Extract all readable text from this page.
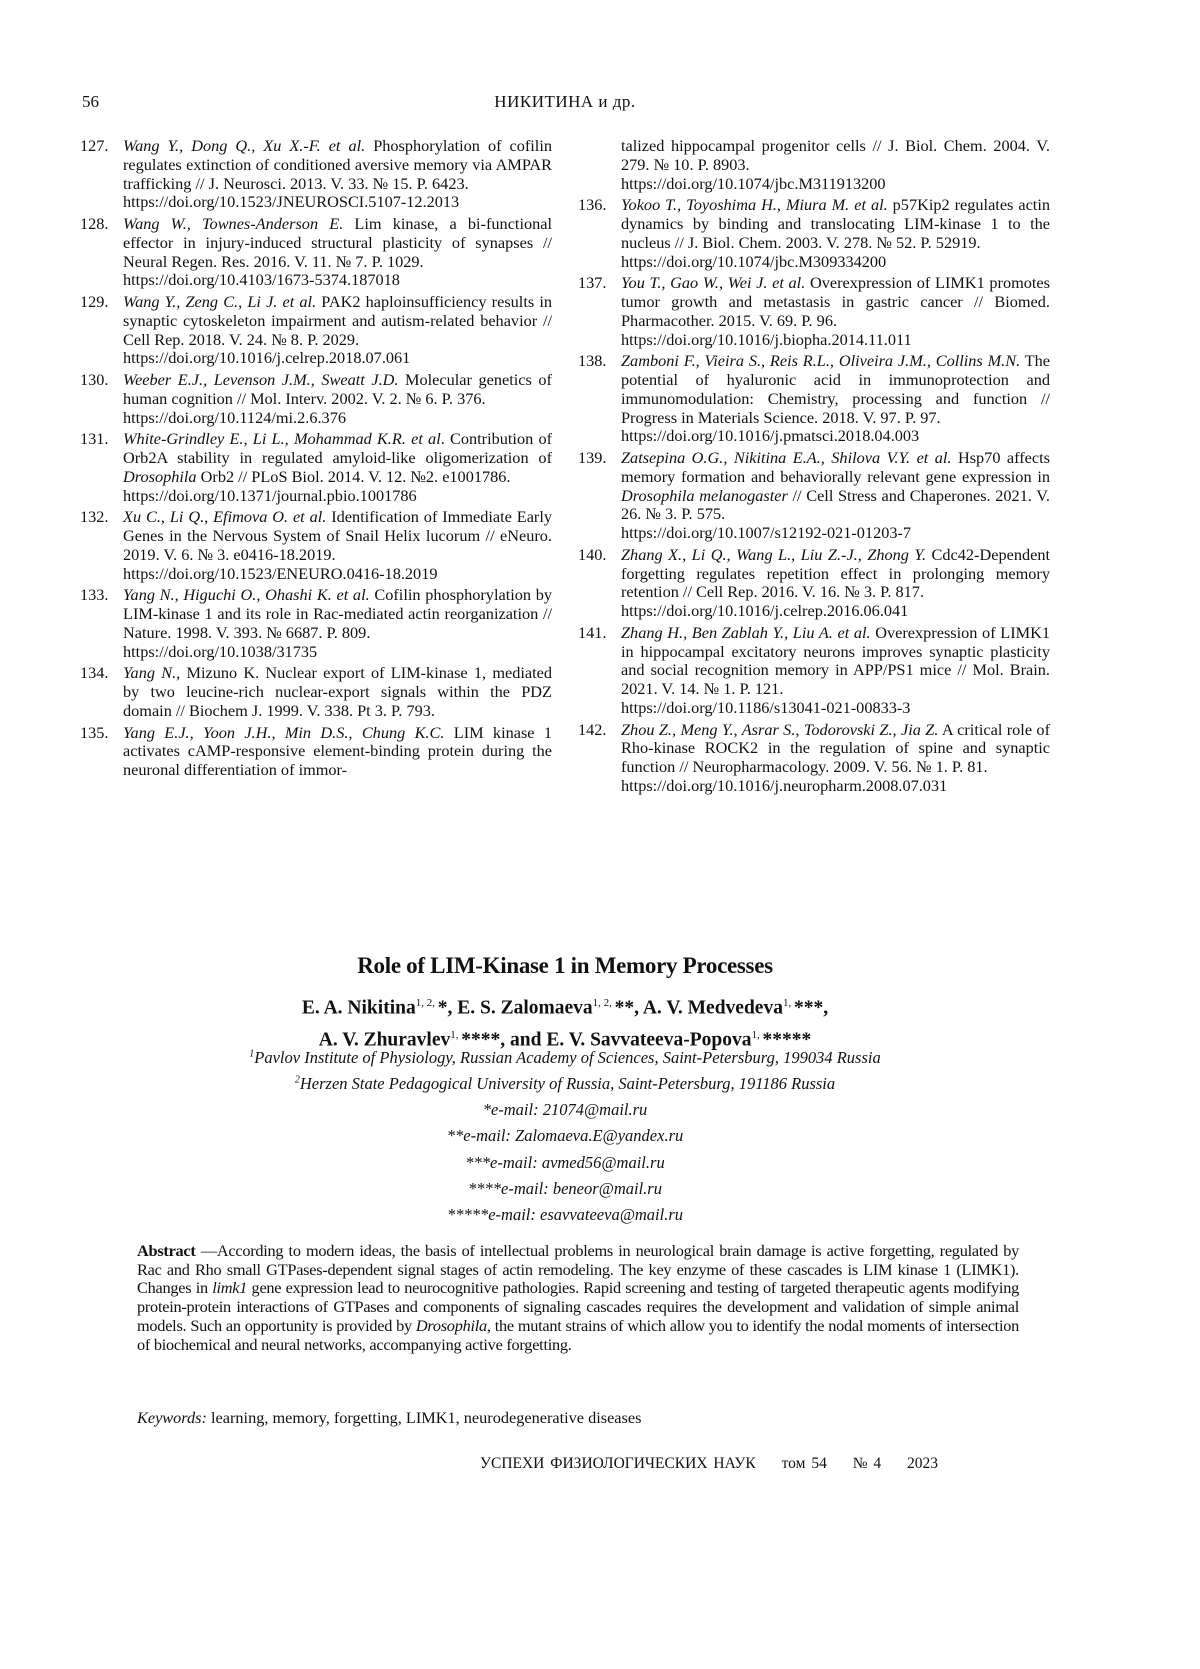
56	НИКИТИНА и др.
127. Wang Y., Dong Q., Xu X.-F. et al. Phosphorylation of cofilin regulates extinction of conditioned aversive memory via AMPAR trafficking // J. Neurosci. 2013. V. 33. № 15. P. 6423.
https://doi.org/10.1523/JNEUROSCI.5107-12.2013
128. Wang W., Townes-Anderson E. Lim kinase, a bi-functional effector in injury-induced structural plasticity of synapses // Neural Regen. Res. 2016. V. 11. № 7. P. 1029.
https://doi.org/10.4103/1673-5374.187018
129. Wang Y., Zeng C., Li J. et al. PAK2 haploinsufficiency results in synaptic cytoskeleton impairment and autism-related behavior // Cell Rep. 2018. V. 24. № 8. P. 2029.
https://doi.org/10.1016/j.celrep.2018.07.061
130. Weeber E.J., Levenson J.M., Sweatt J.D. Molecular genetics of human cognition // Mol. Interv. 2002. V. 2. № 6. P. 376.
https://doi.org/10.1124/mi.2.6.376
131. White-Grindley E., Li L., Mohammad K.R. et al. Contribution of Orb2A stability in regulated amyloid-like oligomerization of Drosophila Orb2 // PLoS Biol. 2014. V. 12. №2. e1001786.
https://doi.org/10.1371/journal.pbio.1001786
132. Xu C., Li Q., Efimova O. et al. Identification of Immediate Early Genes in the Nervous System of Snail Helix lucorum // eNeuro. 2019. V. 6. № 3. e0416-18.2019.
https://doi.org/10.1523/ENEURO.0416-18.2019
133. Yang N., Higuchi O., Ohashi K. et al. Cofilin phosphorylation by LIM-kinase 1 and its role in Rac-mediated actin reorganization // Nature. 1998. V. 393. № 6687. P. 809.
https://doi.org/10.1038/31735
134. Yang N., Mizuno K. Nuclear export of LIM-kinase 1, mediated by two leucine-rich nuclear-export signals within the PDZ domain // Biochem J. 1999. V. 338. Pt 3. P. 793.
135. Yang E.J., Yoon J.H., Min D.S., Chung K.C. LIM kinase 1 activates cAMP-responsive element-binding protein during the neuronal differentiation of immor-
talized hippocampal progenitor cells // J. Biol. Chem. 2004. V. 279. № 10. P. 8903.
https://doi.org/10.1074/jbc.M311913200
136. Yokoo T., Toyoshima H., Miura M. et al. p57Kip2 regulates actin dynamics by binding and translocating LIM-kinase 1 to the nucleus // J. Biol. Chem. 2003. V. 278. № 52. P. 52919.
https://doi.org/10.1074/jbc.M309334200
137. You T., Gao W., Wei J. et al. Overexpression of LIMK1 promotes tumor growth and metastasis in gastric cancer // Biomed. Pharmacother. 2015. V. 69. P. 96.
https://doi.org/10.1016/j.biopha.2014.11.011
138. Zamboni F., Vieira S., Reis R.L., Oliveira J.M., Collins M.N. The potential of hyaluronic acid in immunoprotection and immunomodulation: Chemistry, processing and function // Progress in Materials Science. 2018. V. 97. P. 97.
https://doi.org/10.1016/j.pmatsci.2018.04.003
139. Zatsepina O.G., Nikitina E.A., Shilova V.Y. et al. Hsp70 affects memory formation and behaviorally relevant gene expression in Drosophila melanogaster // Cell Stress and Chaperones. 2021. V. 26. № 3. P. 575.
https://doi.org/10.1007/s12192-021-01203-7
140. Zhang X., Li Q., Wang L., Liu Z.-J., Zhong Y. Cdc42-Dependent forgetting regulates repetition effect in prolonging memory retention // Cell Rep. 2016. V. 16. № 3. P. 817.
https://doi.org/10.1016/j.celrep.2016.06.041
141. Zhang H., Ben Zablah Y., Liu A. et al. Overexpression of LIMK1 in hippocampal excitatory neurons improves synaptic plasticity and social recognition memory in APP/PS1 mice // Mol. Brain. 2021. V. 14. № 1. P. 121.
https://doi.org/10.1186/s13041-021-00833-3
142. Zhou Z., Meng Y., Asrar S., Todorovski Z., Jia Z. A critical role of Rho-kinase ROCK2 in the regulation of spine and synaptic function // Neuropharmacology. 2009. V. 56. № 1. P. 81.
https://doi.org/10.1016/j.neuropharm.2008.07.031
Role of LIM-Kinase 1 in Memory Processes
E. A. Nikitina1, 2, *, E. S. Zalomaeva1, 2, **, A. V. Medvedeva1, ***,
A. V. Zhuravlev1, ****, and E. V. Savvateeva-Popova1, *****
1Pavlov Institute of Physiology, Russian Academy of Sciences, Saint-Petersburg, 199034 Russia
2Herzen State Pedagogical University of Russia, Saint-Petersburg, 191186 Russia
*e-mail: 21074@mail.ru
**e-mail: Zalomaeva.E@yandex.ru
***e-mail: avmed56@mail.ru
****e-mail: beneor@mail.ru
*****e-mail: esavvateeva@mail.ru
Abstract —According to modern ideas, the basis of intellectual problems in neurological brain damage is active forgetting, regulated by Rac and Rho small GTPases-dependent signal stages of actin remodeling. The key enzyme of these cascades is LIM kinase 1 (LIMK1). Changes in limk1 gene expression lead to neurocognitive pathologies. Rapid screening and testing of targeted therapeutic agents modifying protein-protein interactions of GTPases and components of signaling cascades requires the development and validation of simple animal models. Such an opportunity is provided by Drosophila, the mutant strains of which allow you to identify the nodal moments of intersection of biochemical and neural networks, accompanying active forgetting.
Keywords: learning, memory, forgetting, LIMK1, neurodegenerative diseases
УСПЕХИ ФИЗИОЛОГИЧЕСКИХ НАУК том 54 № 4 2023
